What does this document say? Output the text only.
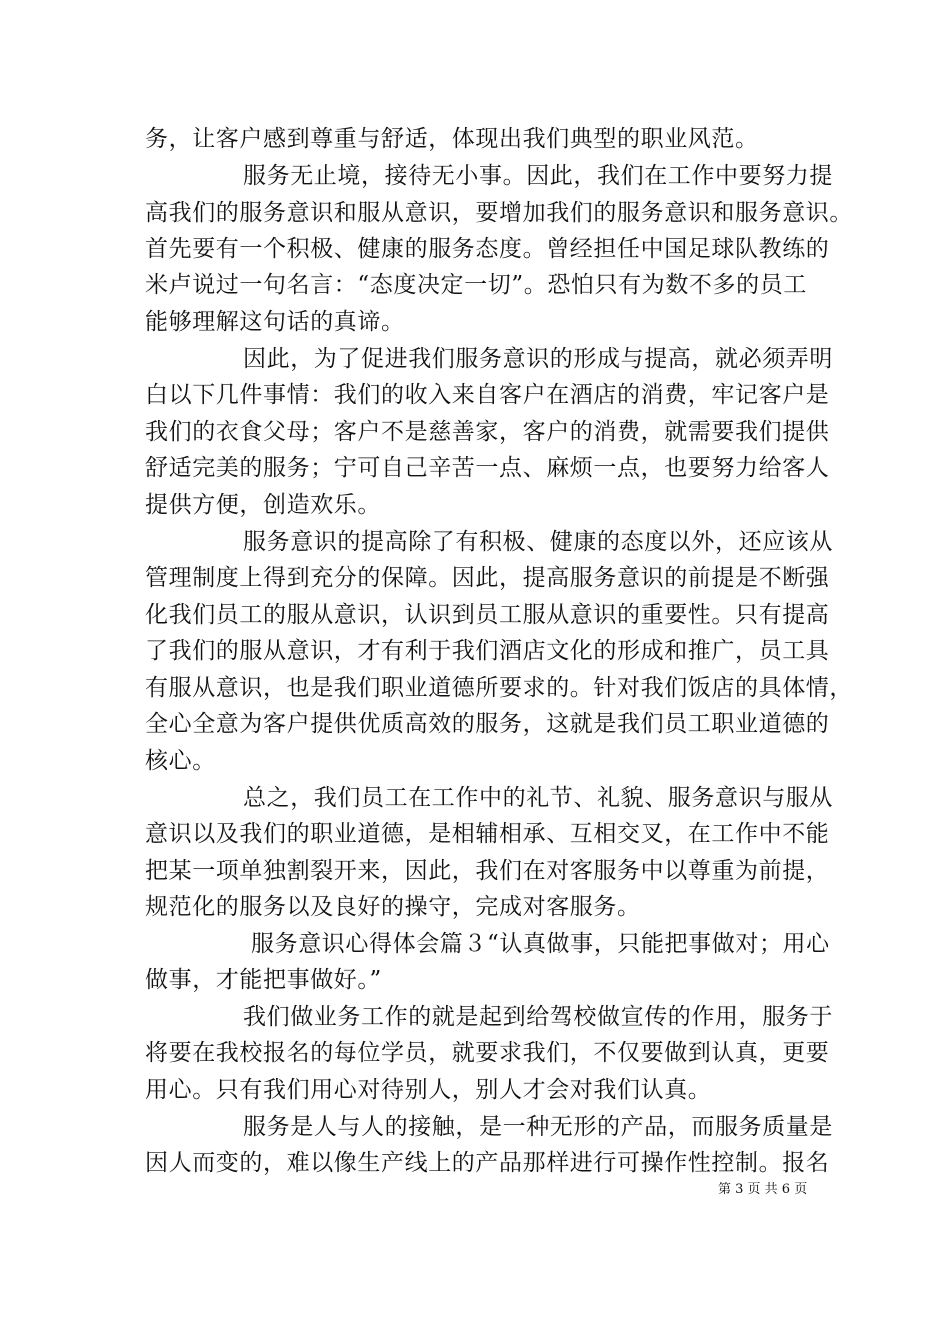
务，让客户感到尊重与舒适，体现出我们典型的职业风范。
服务无止境，接待无小事。因此，我们在工作中要努力提
高我们的服务意识和服从意识，要增加我们的服务意识和服务意识。
首先要有一个积极、健康的服务态度。曾经担任中国足球队教练的
米卢说过一句名言：“态度决定一切”。恐怕只有为数不多的员工
能够理解这句话的真谛。
因此，为了促进我们服务意识的形成与提高，就必须弄明
白以下几件事情：我们的收入来自客户在酒店的消费，牢记客户是
我们的衣食父母；客户不是慈善家，客户的消费，就需要我们提供
舒适完美的服务；宁可自己辛苦一点、麻烦一点，也要努力给客人
提供方便，创造欢乐。
服务意识的提高除了有积极、健康的态度以外，还应该从
管理制度上得到充分的保障。因此，提高服务意识的前提是不断强
化我们员工的服从意识，认识到员工服从意识的重要性。只有提高
了我们的服从意识，才有利于我们酒店文化的形成和推广，员工具
有服从意识，也是我们职业道德所要求的。针对我们饭店的具体情，
全心全意为客户提供优质高效的服务，这就是我们员工职业道德的
核心。
总之，我们员工在工作中的礼节、礼貌、服务意识与服从
意识以及我们的职业道德，是相辅相承、互相交叉，在工作中不能
把某一项单独割裂开来，因此，我们在对客服务中以尊重为前提，
规范化的服务以及良好的操守，完成对客服务。
服务意识心得体会篇３“认真做事，只能把事做对；用心
做事，才能把事做好。”
我们做业务工作的就是起到给驾校做宣传的作用，服务于
将要在我校报名的每位学员，就要求我们，不仅要做到认真，更要
用心。只有我们用心对待别人，别人才会对我们认真。
服务是人与人的接触，是一种无形的产品，而服务质量是
因人而变的，难以像生产线上的产品那样进行可操作性控制。报名
第 3 页 共 6 页
